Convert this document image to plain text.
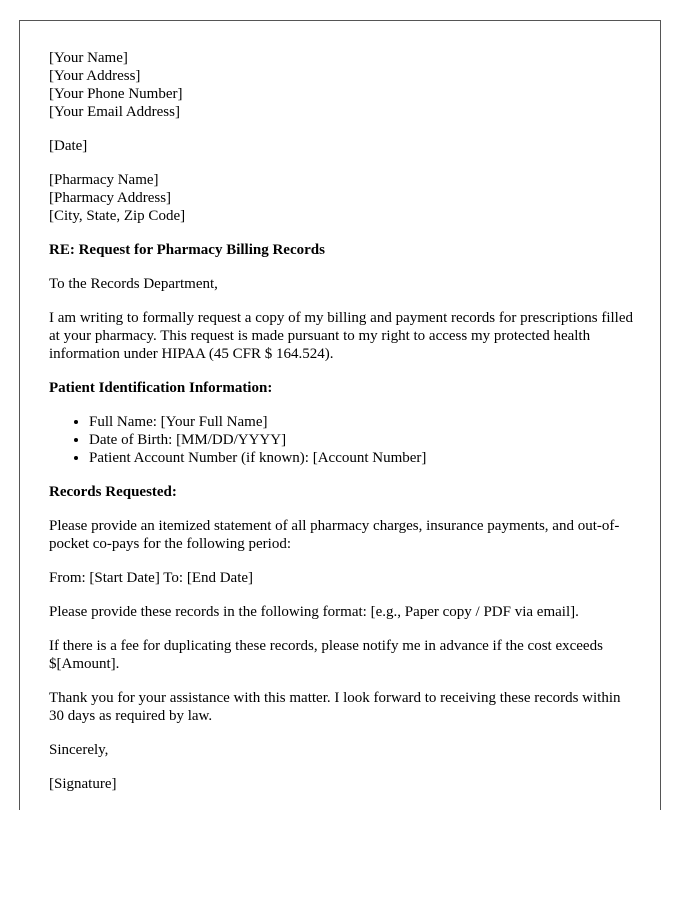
[Your Name]
[Your Address]
[Your Phone Number]
[Your Email Address]
[Date]
[Pharmacy Name]
[Pharmacy Address]
[City, State, Zip Code]
RE: Request for Pharmacy Billing Records

To the Records Department,

I am writing to formally request a copy of my billing and payment records for prescriptions filled at your pharmacy. This request is made pursuant to my right to access my protected health information under HIPAA (45 CFR $ 164.524).

Patient Identification Information:
• Full Name: [Your Full Name]
• Date of Birth: [MM/DD/YYYY]
• Patient Account Number (if known): [Account Number]
Records Requested:

Please provide an itemized statement of all pharmacy charges, insurance payments, and out-of-pocket co-pays for the following period:

From: [Start Date] To: [End Date]

Please provide these records in the following format: [e.g., Paper copy / PDF via email].

If there is a fee for duplicating these records, please notify me in advance if the cost exceeds $[Amount].

Thank you for your assistance with this matter. I look forward to receiving these records within 30 days as required by law.

Sincerely,

[Signature]
